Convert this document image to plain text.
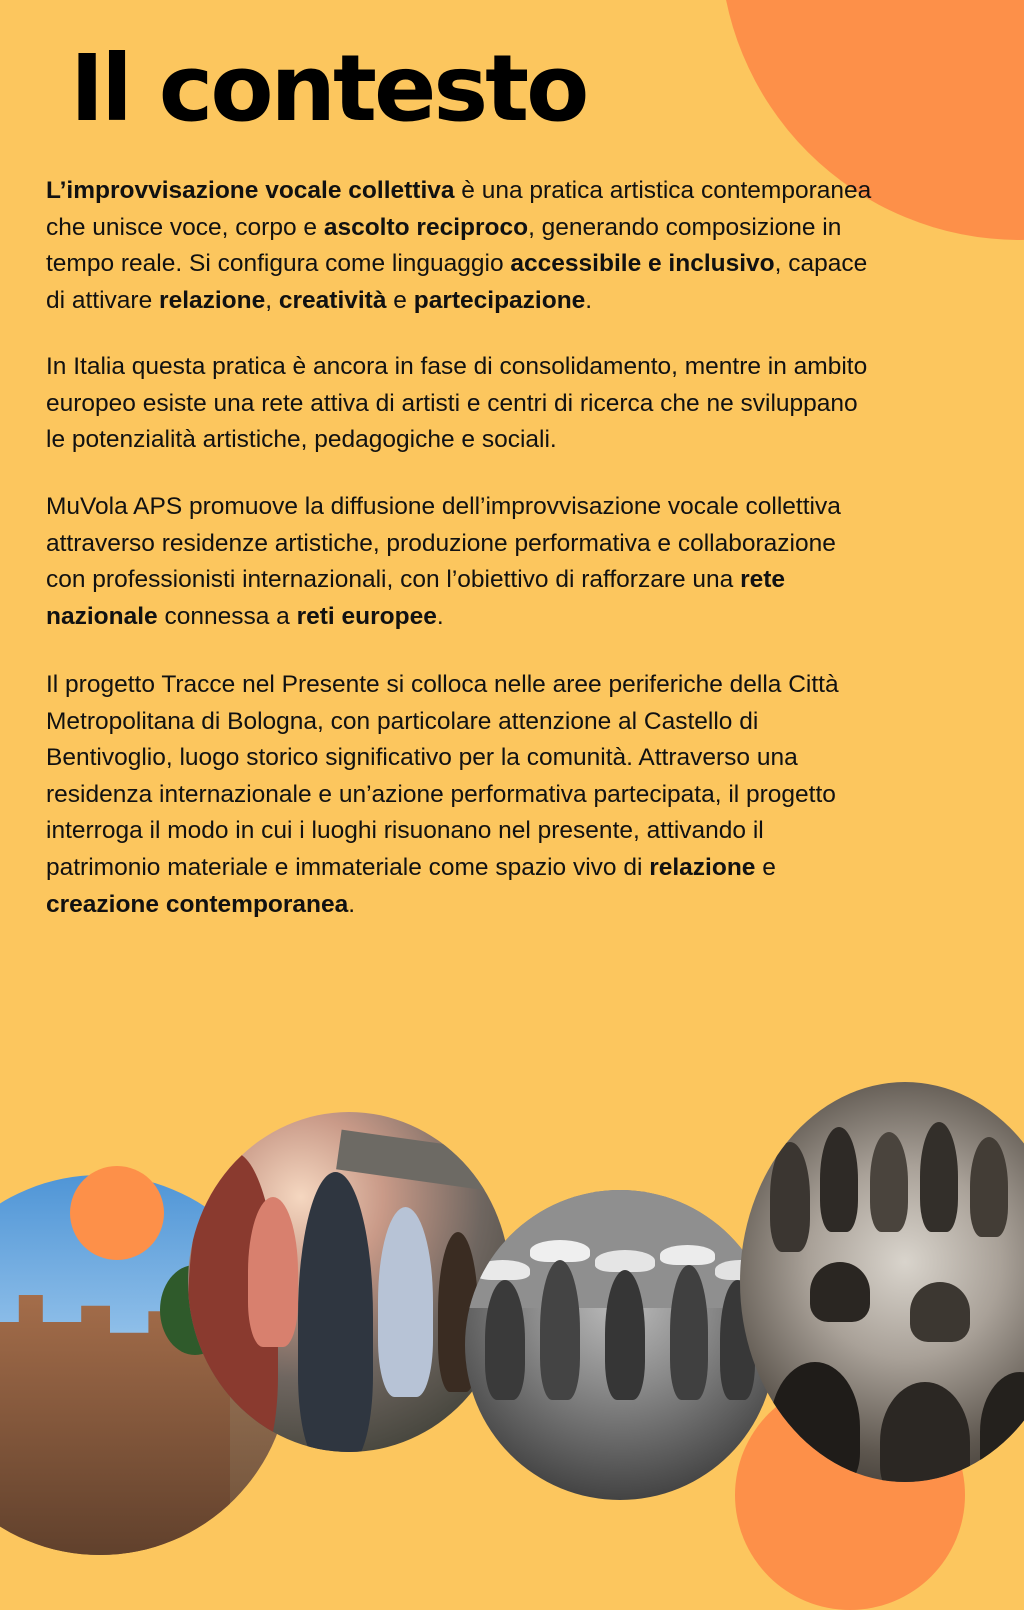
Il contesto

L’improvvisazione vocale collettiva è una pratica artistica contemporanea

che unisce voce, corpo e ascolto reciproco, generando composizione in

tempo reale. Si configura come linguaggio accessibile e inclusivo, capace

di attivare relazione, creatività e partecipazione.

In Italia questa pratica è ancora in fase di consolidamento, mentre in ambito

europeo esiste una rete attiva di artisti e centri di ricerca che ne sviluppano

le potenzialità artistiche, pedagogiche e sociali.

MuVola APS promuove la diffusione dell’improvvisazione vocale collettiva

attraverso residenze artistiche, produzione performativa e collaborazione

con professionisti internazionali, con l’obiettivo di rafforzare una rete

nazionale connessa a reti europee.

Il progetto Tracce nel Presente si colloca nelle aree periferiche della Città

Metropolitana di Bologna, con particolare attenzione al Castello di

Bentivoglio, luogo storico significativo per la comunità. Attraverso una

residenza internazionale e un’azione performativa partecipata, il progetto

interroga il modo in cui i luoghi risuonano nel presente, attivando il

patrimonio materiale e immateriale come spazio vivo di relazione e

creazione contemporanea.
